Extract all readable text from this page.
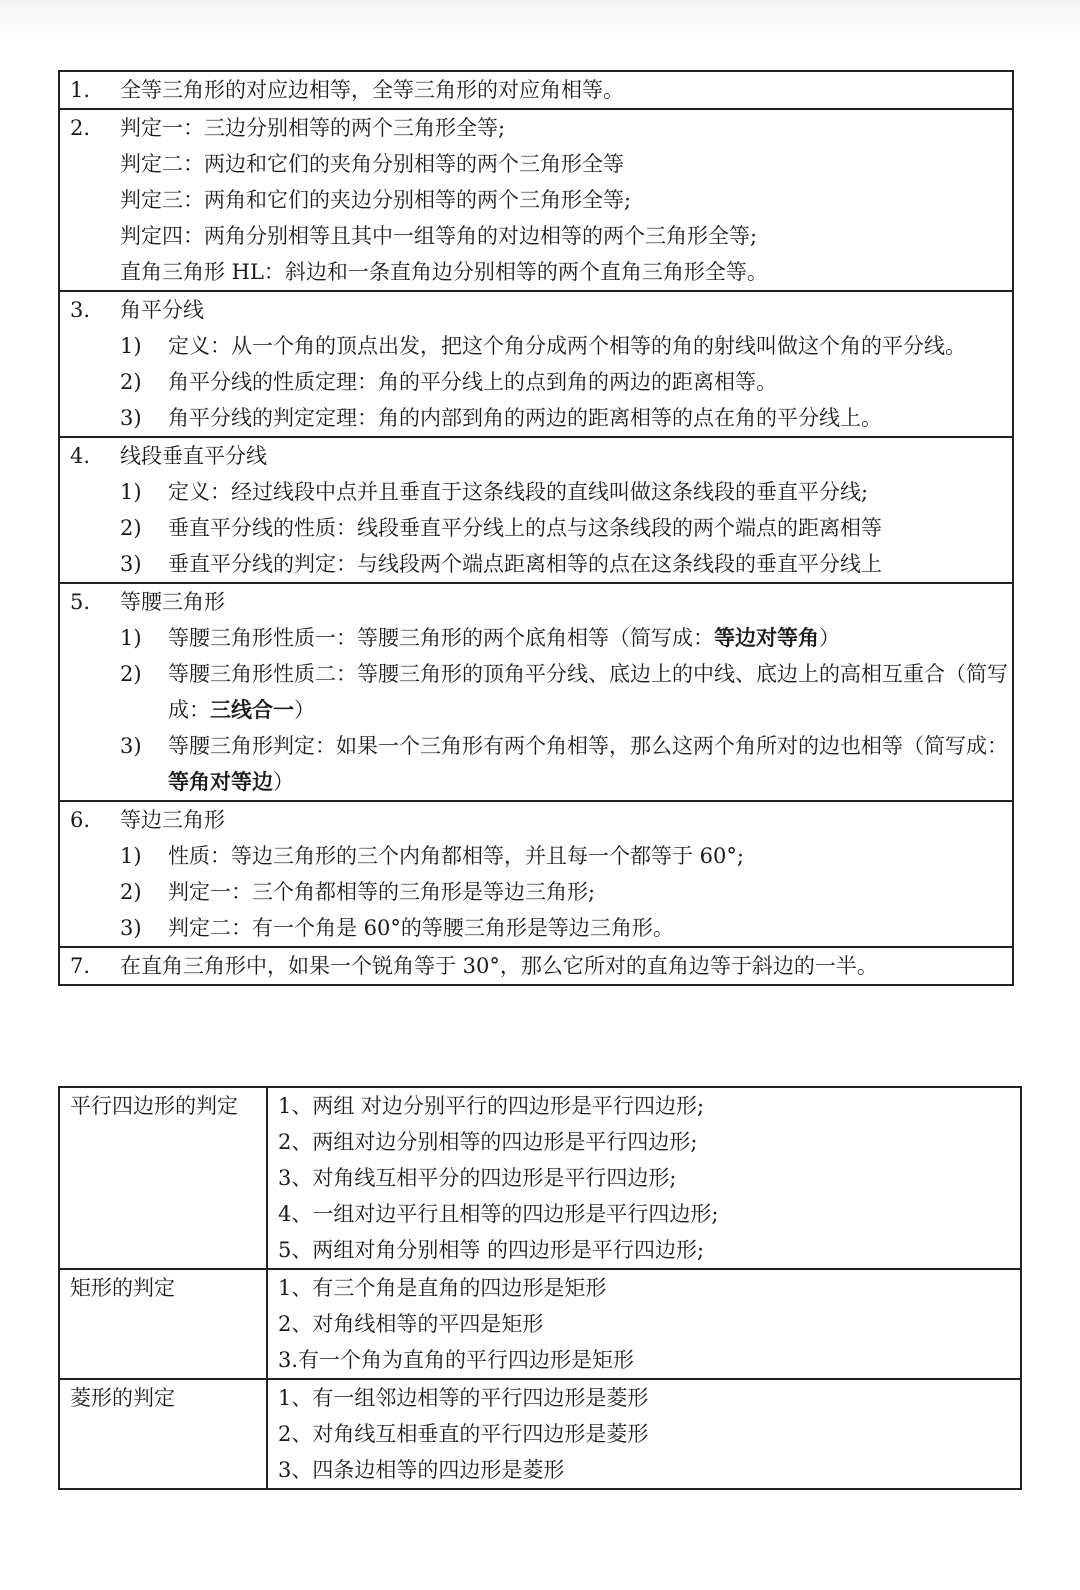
1.	全等三角形的对应边相等，全等三角形的对应角相等。
2.	判定一：三边分别相等的两个三角形全等;
判定二：两边和它们的夹角分别相等的两个三角形全等
判定三：两角和它们的夹边分别相等的两个三角形全等;
判定四：两角分别相等且其中一组等角的对边相等的两个三角形全等;
直角三角形 HL：斜边和一条直角边分别相等的两个直角三角形全等。
3.	角平分线
1)	定义：从一个角的顶点出发，把这个角分成两个相等的角的射线叫做这个角的平分线。
2)	角平分线的性质定理：角的平分线上的点到角的两边的距离相等。
3)	角平分线的判定定理：角的内部到角的两边的距离相等的点在角的平分线上。
4.	线段垂直平分线
1)	定义：经过线段中点并且垂直于这条线段的直线叫做这条线段的垂直平分线;
2)	垂直平分线的性质：线段垂直平分线上的点与这条线段的两个端点的距离相等
3)	垂直平分线的判定：与线段两个端点距离相等的点在这条线段的垂直平分线上
5.	等腰三角形
1)	等腰三角形性质一：等腰三角形的两个底角相等（简写成：等边对等角）
2)	等腰三角形性质二：等腰三角形的顶角平分线、底边上的中线、底边上的高相互重合（简写成：三线合一）
3)	等腰三角形判定：如果一个三角形有两个角相等，那么这两个角所对的边也相等（简写成：等角对等边）
6.	等边三角形
1)	性质：等边三角形的三个内角都相等，并且每一个都等于 60°;
2)	判定一：三个角都相等的三角形是等边三角形;
3)	判定二：有一个角是 60°的等腰三角形是等边三角形。
7.	在直角三角形中，如果一个锐角等于 30°，那么它所对的直角边等于斜边的一半。
平行四边形的判定	1、两组 对边分别平行的四边形是平行四边形;
2、两组对边分别相等的四边形是平行四边形;
3、对角线互相平分的四边形是平行四边形;
4、一组对边平行且相等的四边形是平行四边形;
5、两组对角分别相等 的四边形是平行四边形;

矩形的判定	1、有三个角是直角的四边形是矩形
2、对角线相等的平四是矩形
3.有一个角为直角的平行四边形是矩形

菱形的判定	1、有一组邻边相等的平行四边形是菱形
2、对角线互相垂直的平行四边形是菱形
3、四条边相等的四边形是菱形
